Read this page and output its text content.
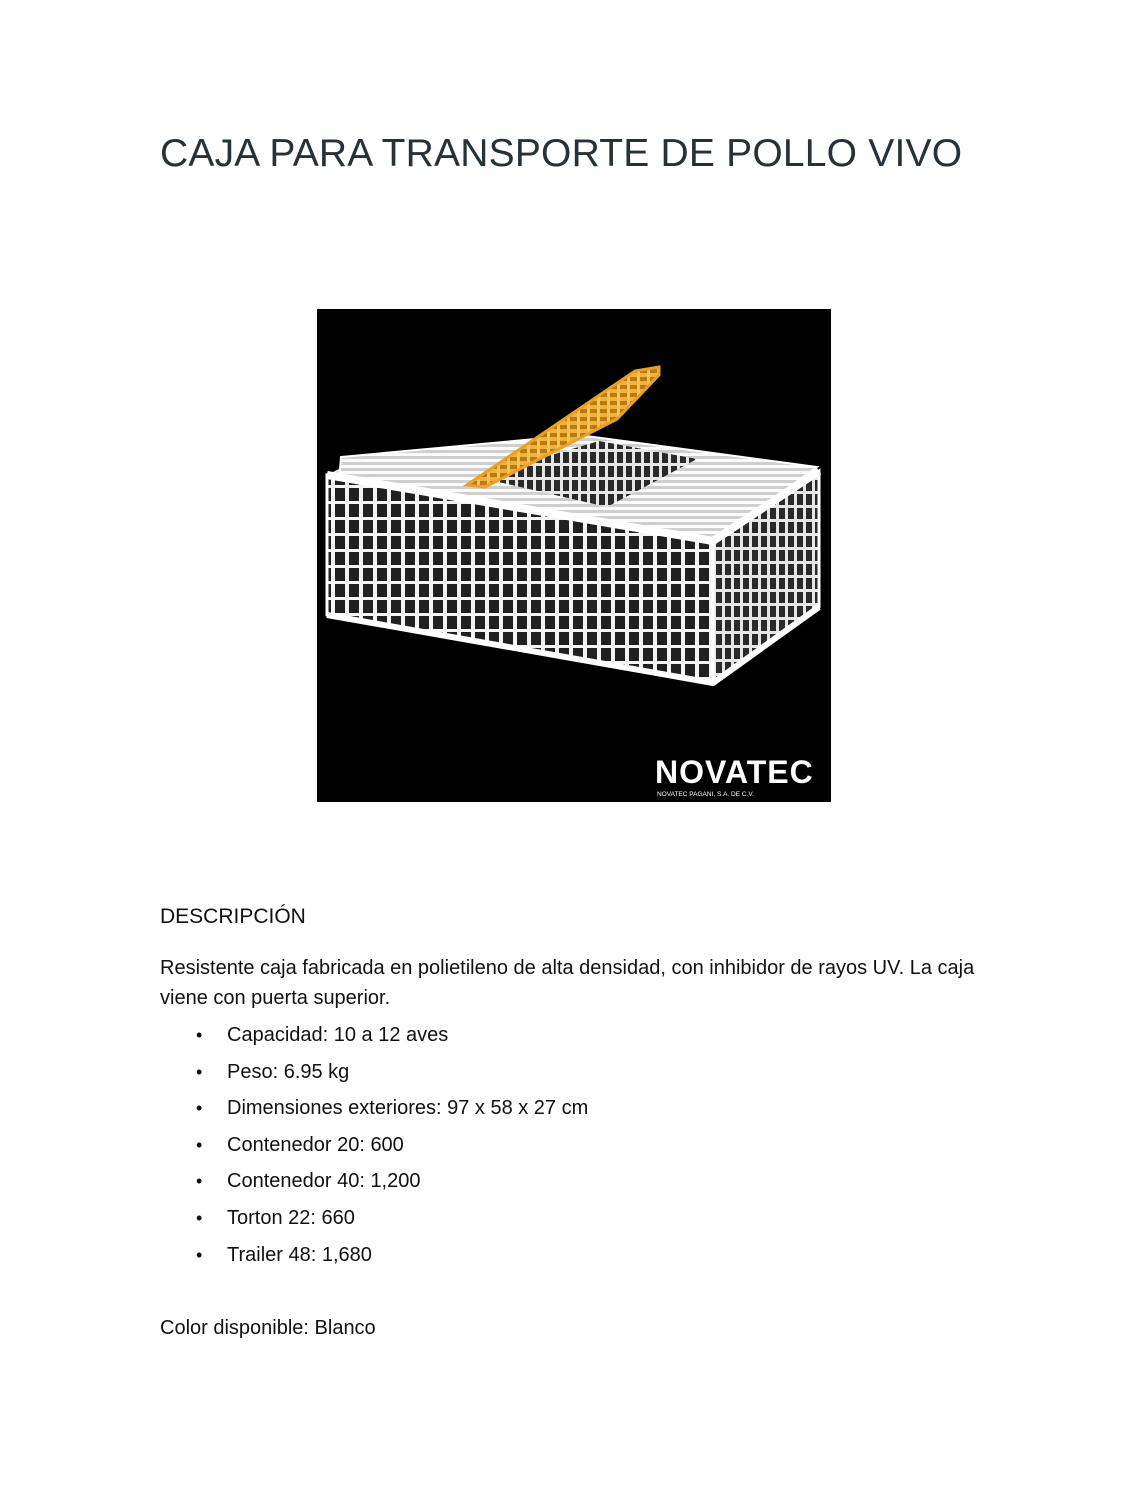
CAJA PARA TRANSPORTE DE POLLO VIVO
NOVATEC
NOVATEC PAGANI, S.A. DE C.V.
DESCRIPCIÓN

Resistente caja fabricada en polietileno de alta densidad, con inhibidor de rayos UV. La caja viene con puerta superior.

• Capacidad: 10 a 12 aves
• Peso: 6.95 kg
• Dimensiones exteriores: 97 x 58 x 27 cm
• Contenedor 20: 600
• Contenedor 40: 1,200
• Torton 22: 660
• Trailer 48: 1,680

Color disponible: Blanco
